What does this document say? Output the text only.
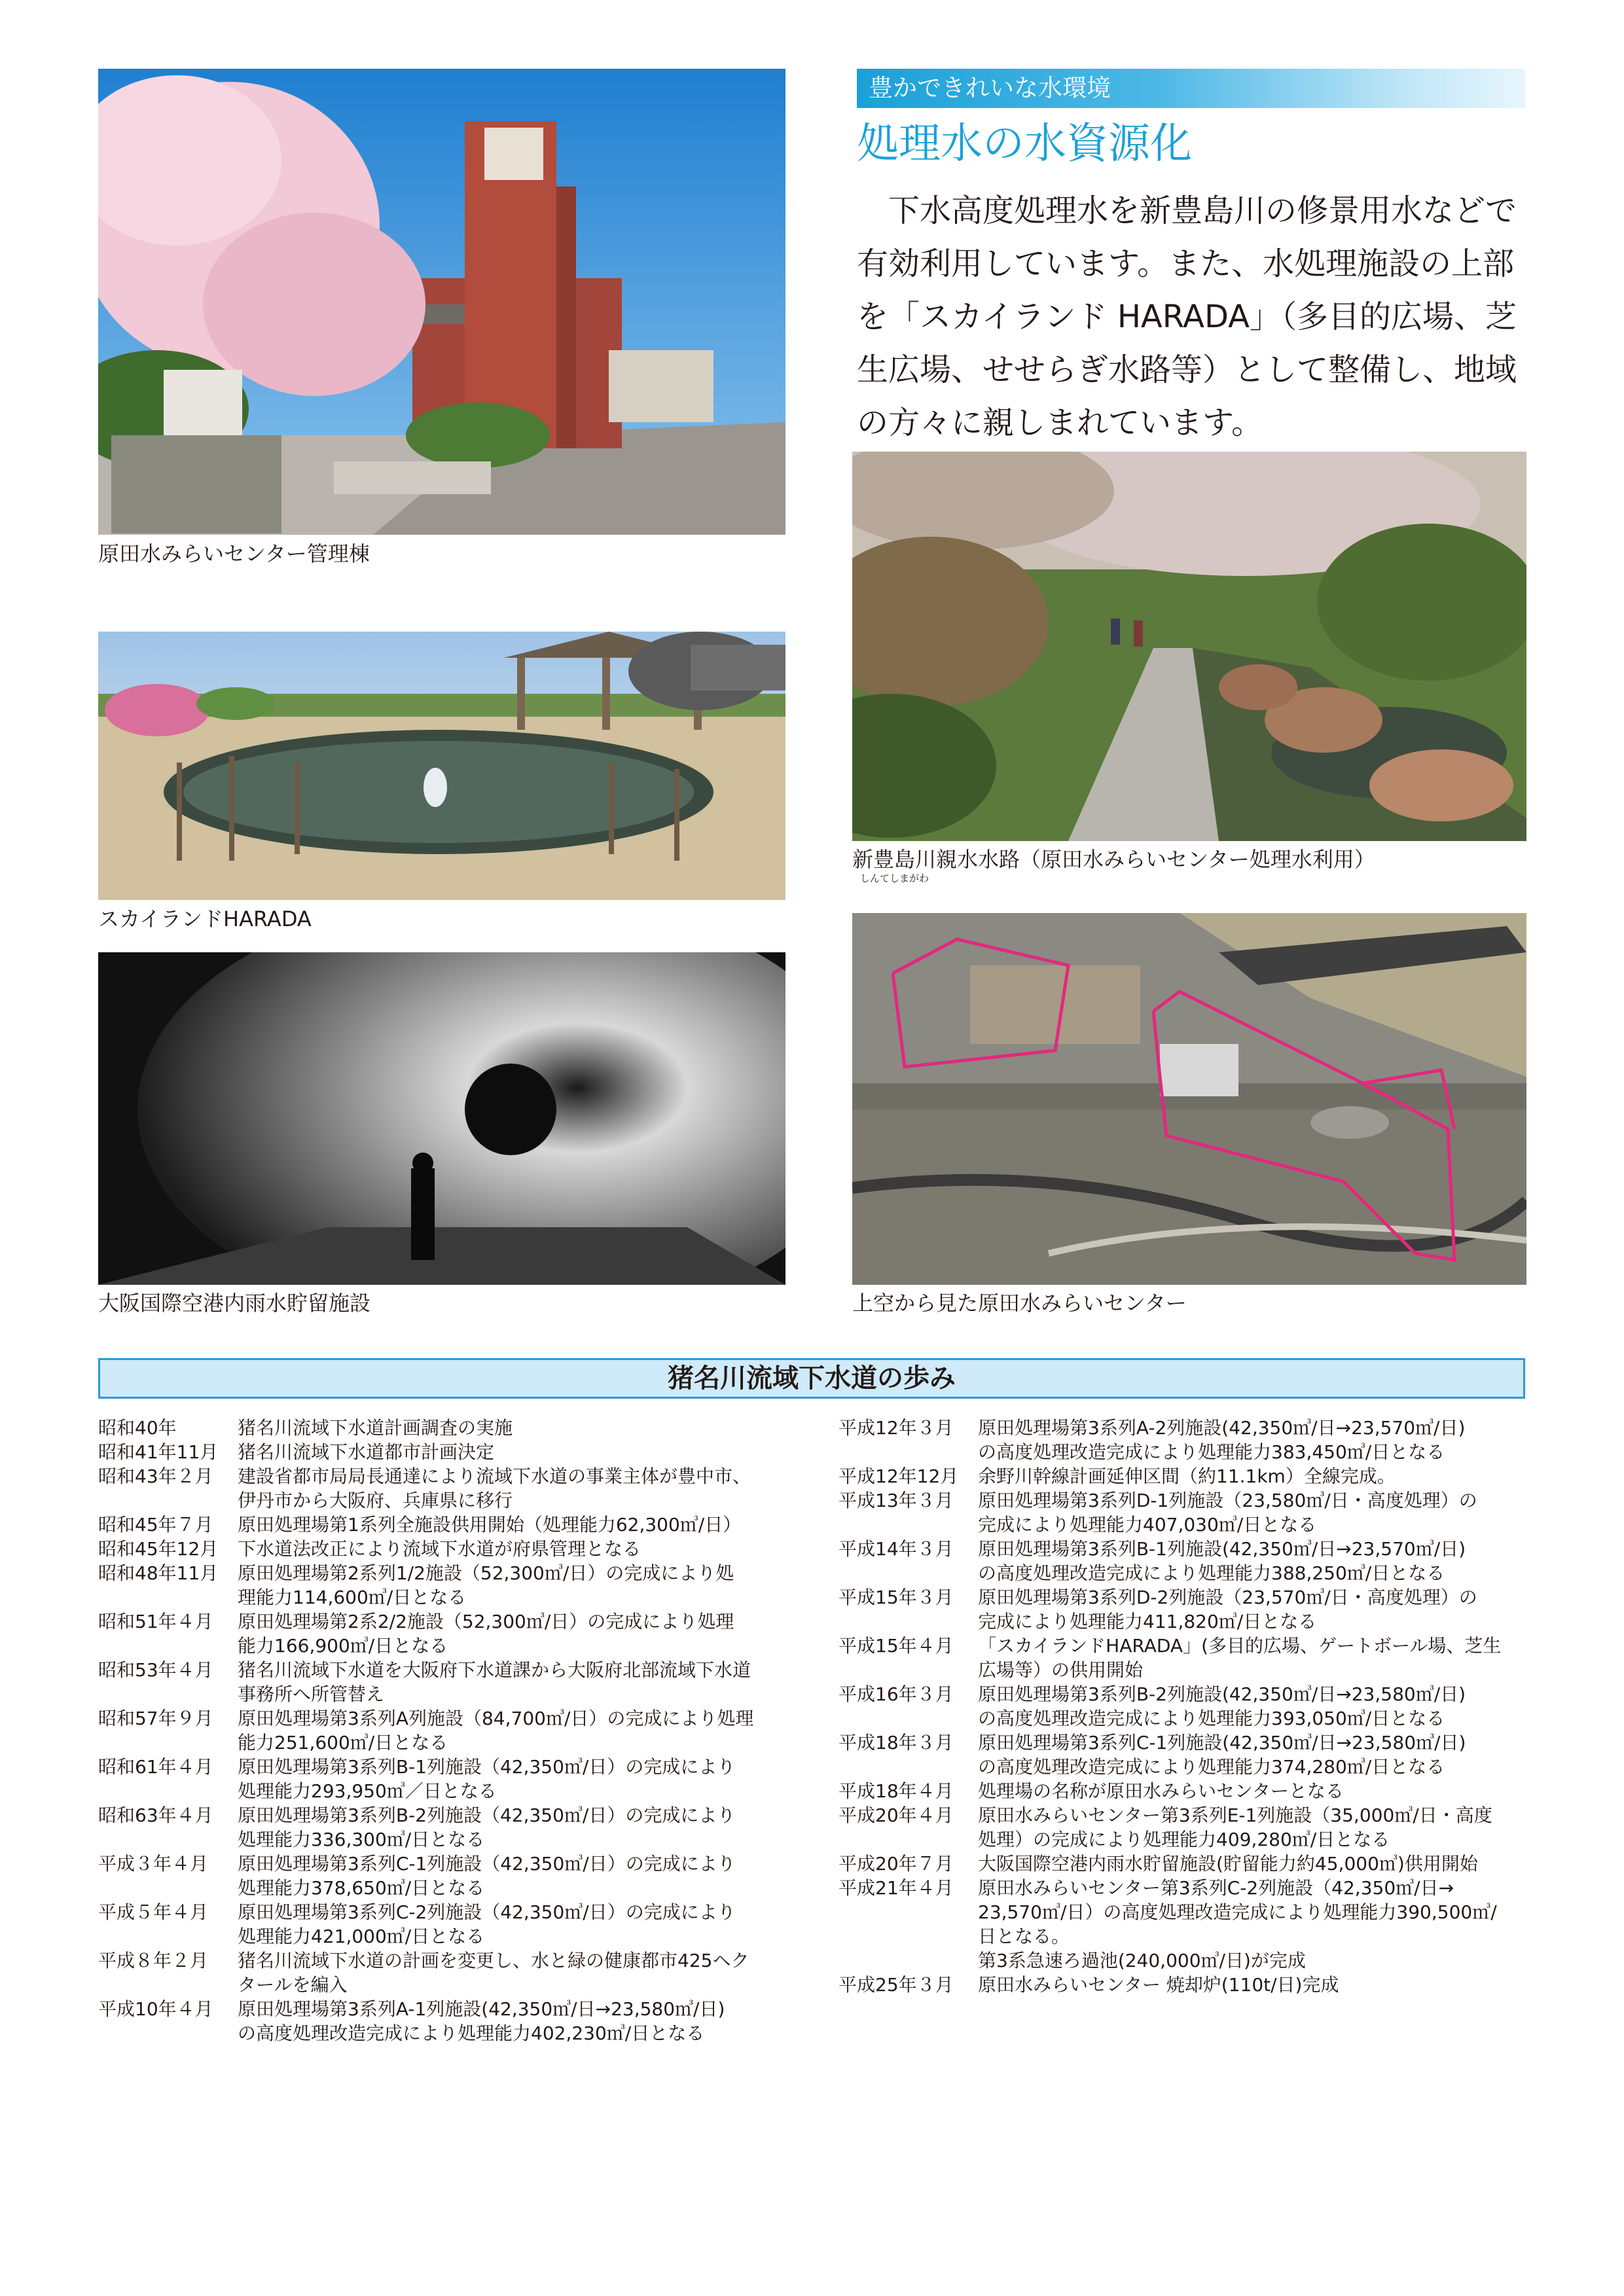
原田水みらいセンター管理棟
スカイランドHARADA
大阪国際空港内雨水貯留施設
豊かできれいな水環境
処理水の水資源化

下水高度処理水を新豊島川の修景用水などで有効利用しています。また、水処理施設の上部を「スカイランド HARADA」（多目的広場、芝生広場、せせらぎ水路等）として整備し、地域の方々に親しまれています。

新豊島川親水水路（原田水みらいセンター処理水利用）
しんてしまがわ
上空から見た原田水みらいセンター
猪名川流域下水道の歩み
昭和40年	猪名川流域下水道計画調査の実施
昭和41年11月	猪名川流域下水道都市計画決定
昭和43年２月	建設省都市局局長通達により流域下水道の事業主体が豊中市、
伊丹市から大阪府、兵庫県に移行
昭和45年７月	原田処理場第1系列全施設供用開始（処理能力62,300㎥/日）
昭和45年12月	下水道法改正により流域下水道が府県管理となる
昭和48年11月	原田処理場第2系列1/2施設（52,300㎥/日）の完成により処
理能力114,600㎥/日となる
昭和51年４月	原田処理場第2系2/2施設（52,300㎥/日）の完成により処理
能力166,900㎥/日となる
昭和53年４月	猪名川流域下水道を大阪府下水道課から大阪府北部流域下水道
事務所へ所管替え
昭和57年９月	原田処理場第3系列A列施設（84,700㎥/日）の完成により処理
能力251,600㎥/日となる
昭和61年４月	原田処理場第3系列B-1列施設（42,350㎥/日）の完成により
処理能力293,950㎥／日となる
昭和63年４月	原田処理場第3系列B-2列施設（42,350㎥/日）の完成により
処理能力336,300㎥/日となる
平成３年４月	原田処理場第3系列C-1列施設（42,350㎥/日）の完成により
処理能力378,650㎥/日となる
平成５年４月	原田処理場第3系列C-2列施設（42,350㎥/日）の完成により
処理能力421,000㎥/日となる
平成８年２月	猪名川流域下水道の計画を変更し、水と緑の健康都市425ヘク
タールを編入
平成10年４月	原田処理場第3系列A-1列施設(42,350㎥/日→23,580㎥/日)
の高度処理改造完成により処理能力402,230㎥/日となる
平成12年３月	原田処理場第3系列A-2列施設(42,350㎥/日→23,570㎥/日)
の高度処理改造完成により処理能力383,450㎥/日となる
平成12年12月	余野川幹線計画延伸区間（約11.1km）全線完成。
平成13年３月	原田処理場第3系列D-1列施設（23,580㎥/日・高度処理）の
完成により処理能力407,030㎥/日となる
平成14年３月	原田処理場第3系列B-1列施設(42,350㎥/日→23,570㎥/日)
の高度処理改造完成により処理能力388,250㎥/日となる
平成15年３月	原田処理場第3系列D-2列施設（23,570㎥/日・高度処理）の
完成により処理能力411,820㎥/日となる
平成15年４月	「スカイランドHARADA」(多目的広場、ゲートボール場、芝生
広場等）の供用開始
平成16年３月	原田処理場第3系列B-2列施設(42,350㎥/日→23,580㎥/日)
の高度処理改造完成により処理能力393,050㎥/日となる
平成18年３月	原田処理場第3系列C-1列施設(42,350㎥/日→23,580㎥/日)
の高度処理改造完成により処理能力374,280㎥/日となる
平成18年４月	処理場の名称が原田水みらいセンターとなる
平成20年４月	原田水みらいセンター第3系列E-1列施設（35,000㎥/日・高度
処理）の完成により処理能力409,280㎥/日となる
平成20年７月	大阪国際空港内雨水貯留施設(貯留能力約45,000㎥)供用開始
平成21年４月	原田水みらいセンター第3系列C-2列施設（42,350㎥/日→
23,570㎥/日）の高度処理改造完成により処理能力390,500㎥/
日となる。
第3系急速ろ過池(240,000㎥/日)が完成
平成25年３月	原田水みらいセンター 焼却炉(110t/日)完成
